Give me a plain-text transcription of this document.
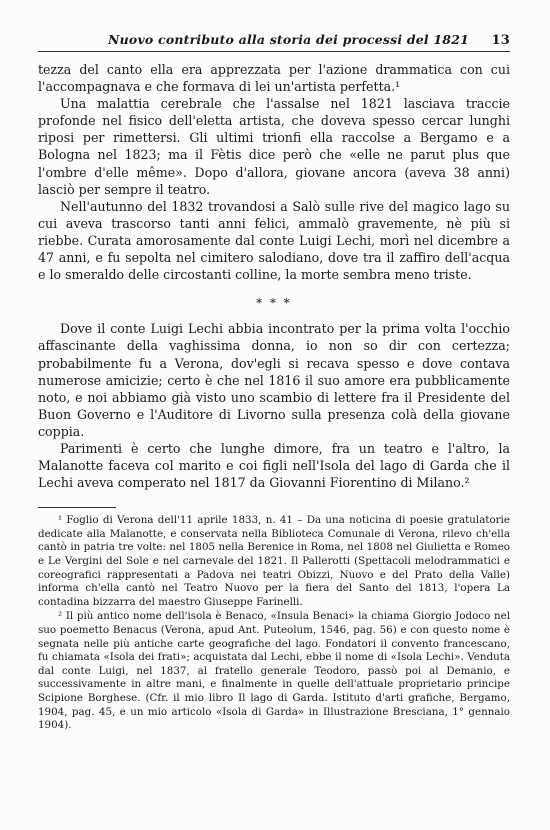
Nuovo contributo alla storia dei processi del 1821 13

tezza del canto ella era apprezzata per l'azione drammatica con cui l'accompagnava e che formava di lei un'artista perfetta.¹

Una malattia cerebrale che l'assalse nel 1821 lasciava traccie profonde nel fisico dell'eletta artista, che doveva spesso cercar lunghi riposi per rimettersi. Gli ultimi trionfi ella raccolse a Bergamo e a Bologna nel 1823; ma il Fètis dice però che «elle ne parut plus que l'ombre d'elle même». Dopo d'allora, giovane ancora (aveva 38 anni) lasciò per sempre il teatro.

Nell'autunno del 1832 trovandosi a Salò sulle rive del magico lago su cui aveva trascorso tanti anni felici, ammalò gravemente, nè più si riebbe. Curata amorosamente dal conte Luigi Lechi, morì nel dicembre a 47 anni, e fu sepolta nel cimitero salodiano, dove tra il zaffiro dell'acqua e lo smeraldo delle circostanti colline, la morte sembra meno triste.

* * *

Dove il conte Luigi Lechi abbia incontrato per la prima volta l'occhio affascinante della vaghissima donna, io non so dir con certezza; probabilmente fu a Verona, dov'egli si recava spesso e dove contava numerose amicizie; certo è che nel 1816 il suo amore era pubblicamente noto, e noi abbiamo già visto uno scambio di lettere fra il Presidente del Buon Governo e l'Auditore di Livorno sulla presenza colà della giovane coppia.

Parimenti è certo che lunghe dimore, fra un teatro e l'altro, la Malanotte faceva col marito e coi figli nell'Isola del lago di Garda che il Lechi aveva comperato nel 1817 da Giovanni Fiorentino di Milano.²

¹ Foglio di Verona dell'11 aprile 1833, n. 41 – Da una noticina di poesie gratulatorie dedicate alla Malanotte, e conservata nella Biblioteca Comunale di Verona, rilevo ch'ella cantò in patria tre volte: nel 1805 nella Berenice in Roma, nel 1808 nel Giulietta e Romeo e Le Vergini del Sole e nel carnevale del 1821. Il Pallerotti (Spettacoli melodrammatici e coreografici rappresentati a Padova nei teatri Obizzi, Nuovo e del Prato della Valle) informa ch'ella cantò nel Teatro Nuovo per la fiera del Santo del 1813, l'opera La contadina bizzarra del maestro Giuseppe Farinelli.

² Il più antico nome dell'isola è Benaco, «Insula Benaci» la chiama Giorgio Jodoco nel suo poemetto Benacus (Verona, apud Ant. Puteolum, 1546, pag. 56) e con questo nome è segnata nelle più antiche carte geografiche del lago. Fondatori il convento francescano, fu chiamata «Isola dei frati»; acquistata dal Lechi, ebbe il nome di «Isola Lechi». Venduta dal conte Luigi, nel 1837, al fratello generale Teodoro, passò poi al Demanio, e successivamente in altre mani, e finalmente in quelle dell'attuale proprietario principe Scipione Borghese. (Cfr. il mio libro Il lago di Garda. Istituto d'arti grafiche, Bergamo, 1904, pag. 45, e un mio articolo «Isola di Garda» in Illustrazione Bresciana, 1° gennaio 1904).
